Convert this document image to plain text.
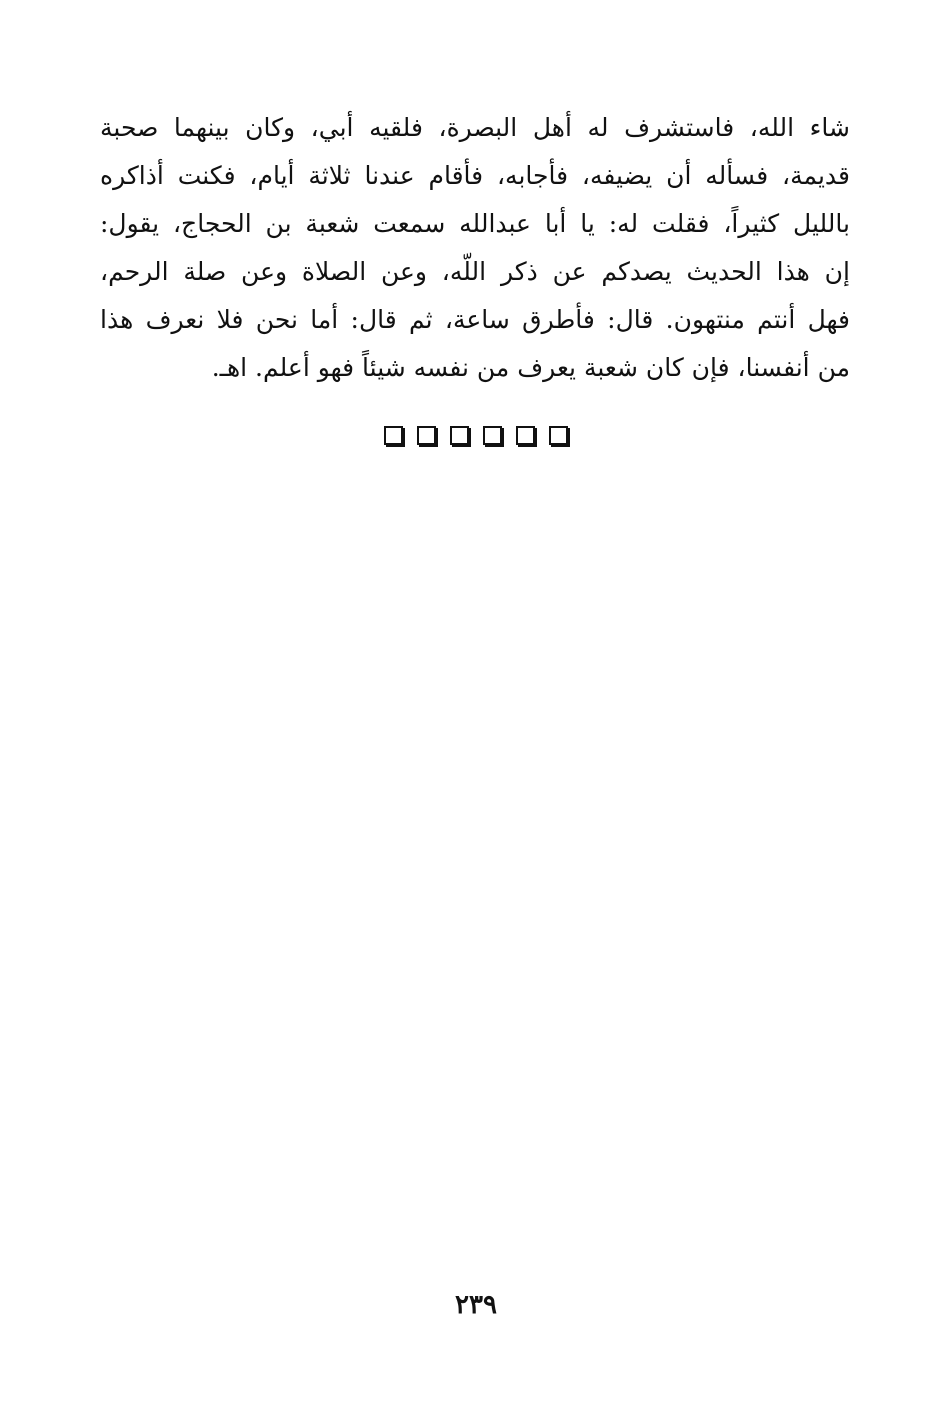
شاء الله، فاستشرف له أهل البصرة، فلقيه أبي، وكان بينهما صحبة
قديمة، فسأله أن يضيفه، فأجابه، فأقام عندنا ثلاثة أيام، فكنت أذاكره
بالليل كثيراً، فقلت له: يا أبا عبدالله سمعت شعبة بن الحجاج، يقول:
إن هذا الحديث يصدكم عن ذكر اللّه، وعن الصلاة وعن صلة الرحم،
فهل أنتم منتهون. قال: فأطرق ساعة، ثم قال: أما نحن فلا نعرف هذا
من أنفسنا، فإن كان شعبة يعرف من نفسه شيئاً فهو أعلم. اهـ.
٢٣٩
